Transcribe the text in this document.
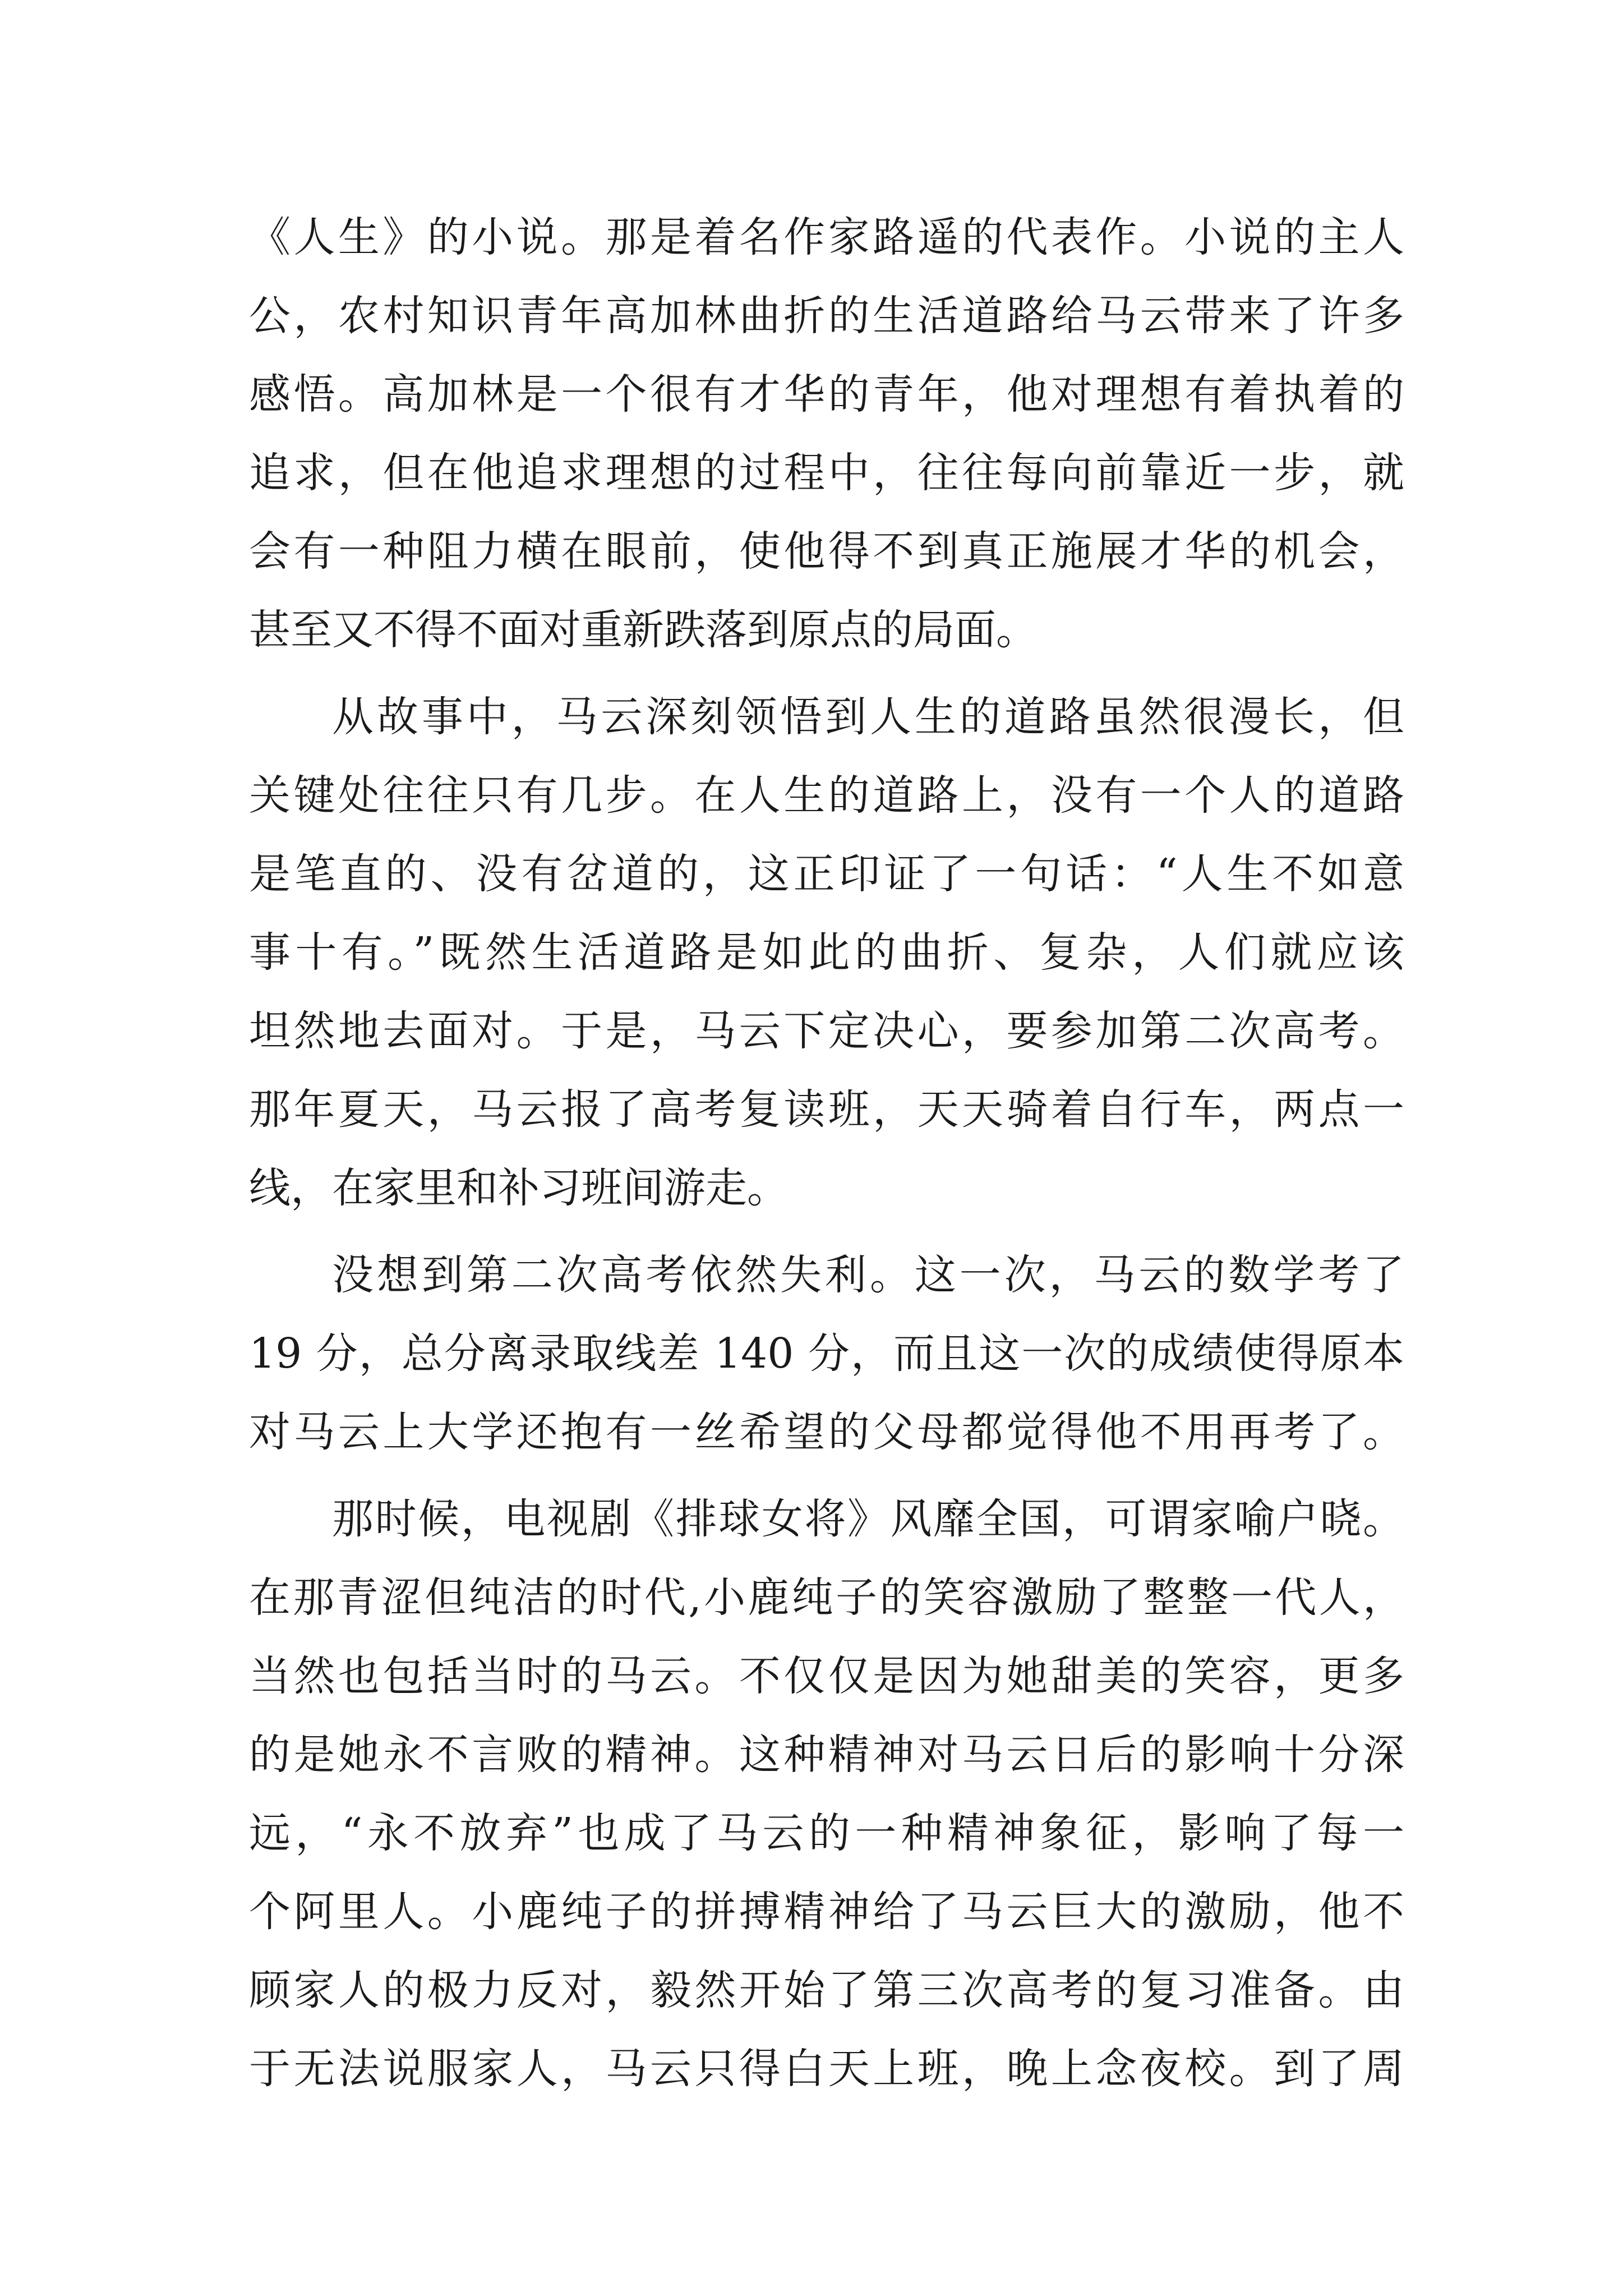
《人生》的小说。那是着名作家路遥的代表作。小说的主人
公，农村知识青年高加林曲折的生活道路给马云带来了许多
感悟。高加林是一个很有才华的青年，他对理想有着执着的
追求，但在他追求理想的过程中，往往每向前靠近一步，就
会有一种阻力横在眼前，使他得不到真正施展才华的机会，
甚至又不得不面对重新跌落到原点的局面。
从故事中，马云深刻领悟到人生的道路虽然很漫长，但
关键处往往只有几步。在人生的道路上，没有一个人的道路
是笔直的、没有岔道的，这正印证了一句话：“人生不如意
事十有。”既然生活道路是如此的曲折、复杂，人们就应该
坦然地去面对。于是，马云下定决心，要参加第二次高考。
那年夏天，马云报了高考复读班，天天骑着自行车，两点一
线，在家里和补习班间游走。
没想到第二次高考依然失利。这一次，马云的数学考了
19 分，总分离录取线差 140 分，而且这一次的成绩使得原本
对马云上大学还抱有一丝希望的父母都觉得他不用再考了。
那时候，电视剧《排球女将》风靡全国，可谓家喻户晓。
在那青涩但纯洁的时代,小鹿纯子的笑容激励了整整一代人，
当然也包括当时的马云。不仅仅是因为她甜美的笑容，更多
的是她永不言败的精神。这种精神对马云日后的影响十分深
远，“永不放弃”也成了马云的一种精神象征，影响了每一
个阿里人。小鹿纯子的拼搏精神给了马云巨大的激励，他不
顾家人的极力反对，毅然开始了第三次高考的复习准备。由
于无法说服家人，马云只得白天上班，晚上念夜校。到了周
